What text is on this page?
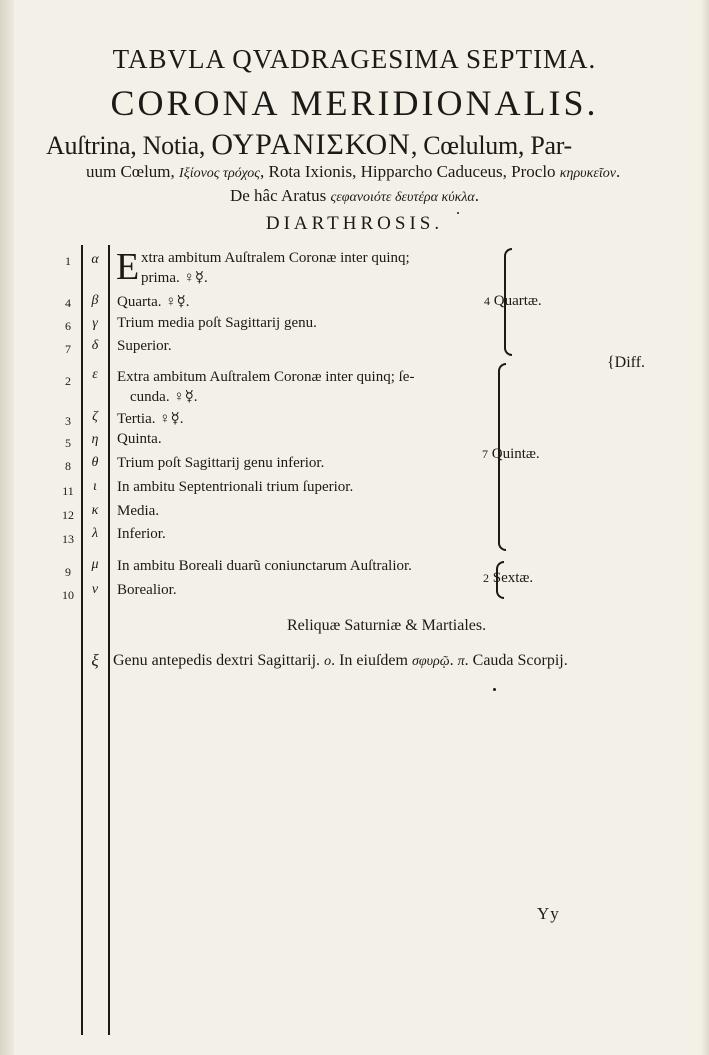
TABVLA QVADRAGESIMA SEPTIMA.
CORONA MERIDIONALIS.
Auſtrina, Notia, ΟΥΡΑΝΙΣΚΟΝ, Cœlulum, Par-
uum Cœlum, Ιξίονος τρόχος, Rota Ixionis, Hipparcho Caduceus, Proclo κηρυκεῖον.
De hâc Aratus ςεφανοιότε δευτέρα κύκλα.
DIARTHROSIS.
1	α E xtra ambitum Auſtralem Coronæ inter quinq;
prima. ♀☿.
4	β	Quarta. ♀☿.
6	γ	Trium media poſt Sagittarij genu.
7	δ	Superior.
2	ε	Extra ambitum Auſtralem Coronæ inter quinq; ſe-
cunda. ♀☿.
3	ζ	Tertia. ♀☿.
5	η	Quinta.
8	θ	Trium poſt Sagittarij genu inferior.
11	ι	In ambitu Septentrionali trium ſuperior.
12	κ	Media.
13	λ	Inferior.
9	μ	In ambitu Boreali duarũ coniunctarum Auſtralior.
10	ν	Borealior.
4 Quartæ.
7 Quintæ.
2 Sextæ.
{Diff.
Reliquæ Saturniæ & Martiales.
ξ Genu antepedis dextri Sagittarij. ο. In eiuſdem σφυρῷ. π. Cauda Scorpij.
Yy
